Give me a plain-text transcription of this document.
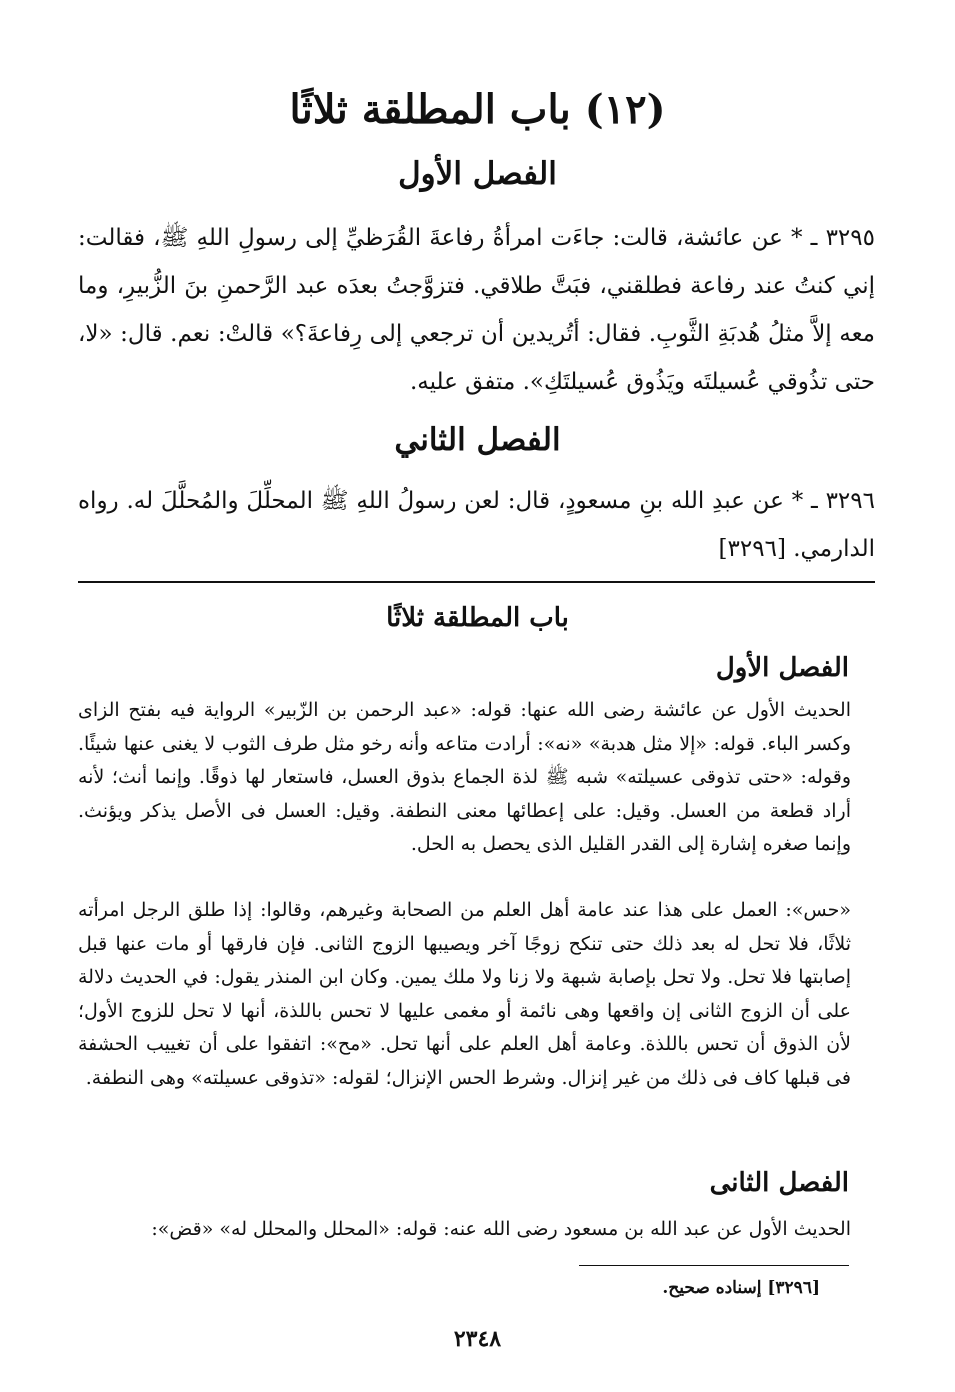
(١٢) باب المطلقة ثلاثًا
الفصل الأول

٣٢٩٥ ـ * عن عائشة، قالت: جاءَت امرأةُ رفاعةَ القُرَظيِّ إلى رسولِ اللهِ ﷺ، فقالت: إني كنتُ عند رفاعة فطلقني، فبَتَّ طلاقي. فتزوَّجتُ بعدَه عبد الرَّحمنِ بنَ الزُّبيرِ، وما معه إلاَّ مثلُ هُدبَةِ الثَّوبِ. فقال: أتُريدين أن ترجعي إلى رِفاعةَ؟» قالتْ: نعم. قال: «لا، حتى تذُوقي عُسيلتَه ويَذُوق عُسيلتَكِ». متفق عليه.

الفصل الثاني

٣٢٩٦ ـ * عن عبدِ الله بنِ مسعودٍ، قال: لعن رسولُ اللهِ ﷺ المحلِّلَ والمُحلَّلَ له. رواه الدارمي. [٣٢٩٦]

باب المطلقة ثلاثًا
الفصل الأول

الحديث الأول عن عائشة رضى الله عنها: قوله: «عبد الرحمن بن الزّبير» الرواية فيه بفتح الزاى وكسر الباء. قوله: «إلا مثل هدبة» «نه»: أرادت متاعه وأنه رخو مثل طرف الثوب لا يغنى عنها شيئًا. وقوله: «حتى تذوقى عسيلته» شبه ﷺ لذة الجماع بذوق العسل، فاستعار لها ذوقًا. وإنما أنث؛ لأنه أراد قطعة من العسل. وقيل: على إعطائها معنى النطفة. وقيل: العسل فى الأصل يذكر ويؤنث. وإنما صغره إشارة إلى القدر القليل الذى يحصل به الحل.

«حس»: العمل على هذا عند عامة أهل العلم من الصحابة وغيرهم، وقالوا: إذا طلق الرجل امرأته ثلاثًا، فلا تحل له بعد ذلك حتى تنكح زوجًا آخر ويصيبها الزوج الثانى. فإن فارقها أو مات عنها قبل إصابتها فلا تحل. ولا تحل بإصابة شبهة ولا زنا ولا ملك يمين. وكان ابن المنذر يقول: في الحديث دلالة على أن الزوج الثانى إن واقعها وهى نائمة أو مغمى عليها لا تحس باللذة، أنها لا تحل للزوج الأول؛ لأن الذوق أن تحس باللذة. وعامة أهل العلم على أنها تحل. «مح»: اتفقوا على أن تغييب الحشفة فى قبلها كاف فى ذلك من غير إنزال. وشرط الحس الإنزال؛ لقوله: «تذوقى عسيلته» وهى النطفة.

الفصل الثانى

الحديث الأول عن عبد الله بن مسعود رضى الله عنه: قوله: «المحلل والمحلل له» «قض»:

[٣٢٩٦] إسناده صحيح.

٢٣٤٨
